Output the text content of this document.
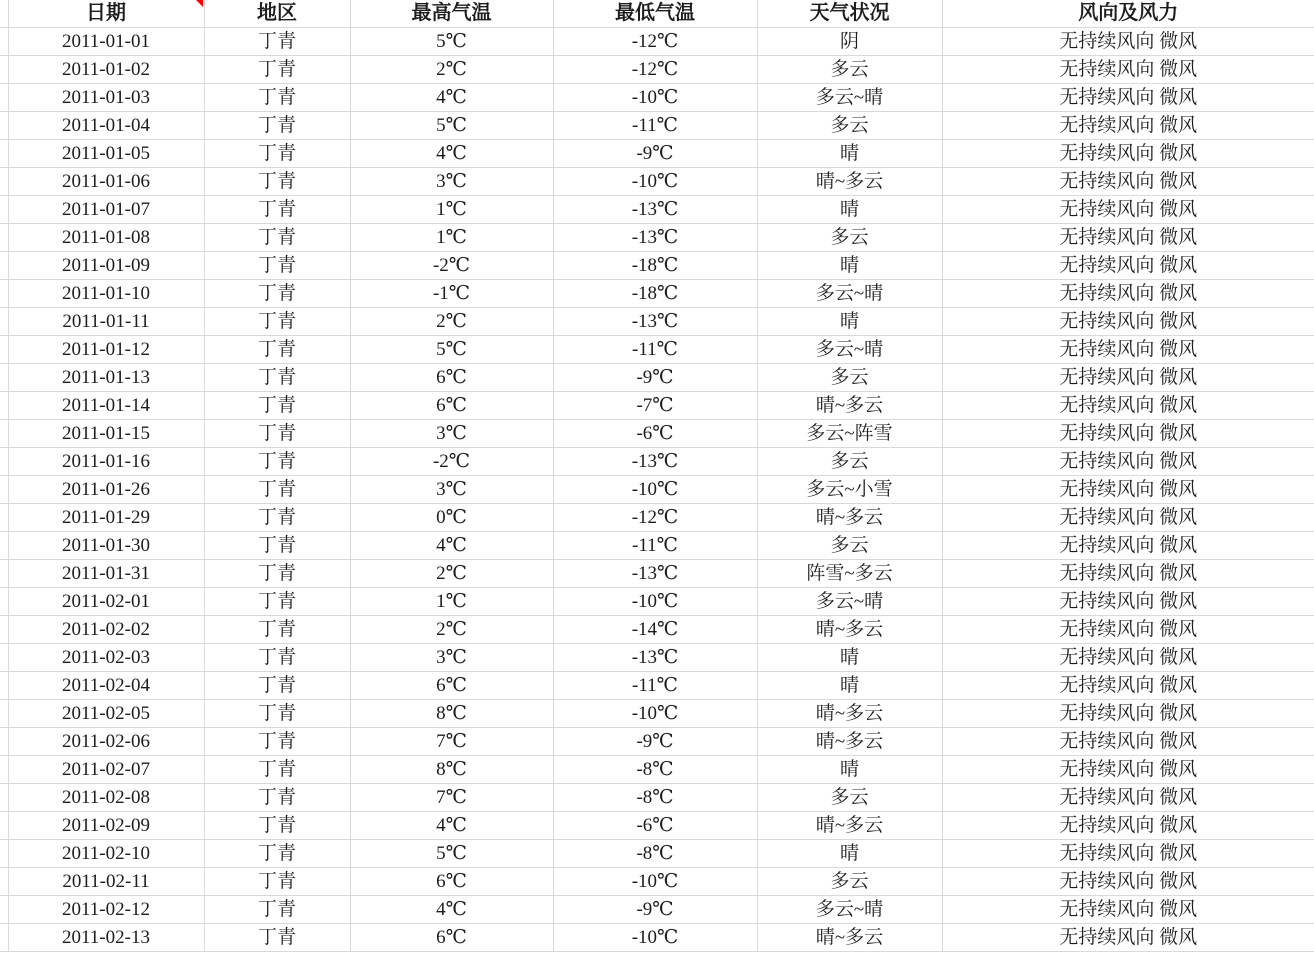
	日期	地区	最高气温	最低气温	天气状况	风向及风力
	2011-01-01	丁青	5℃	-12℃	阴	无持续风向 微风
	2011-01-02	丁青	2℃	-12℃	多云	无持续风向 微风
	2011-01-03	丁青	4℃	-10℃	多云~晴	无持续风向 微风
	2011-01-04	丁青	5℃	-11℃	多云	无持续风向 微风
	2011-01-05	丁青	4℃	-9℃	晴	无持续风向 微风
	2011-01-06	丁青	3℃	-10℃	晴~多云	无持续风向 微风
	2011-01-07	丁青	1℃	-13℃	晴	无持续风向 微风
	2011-01-08	丁青	1℃	-13℃	多云	无持续风向 微风
	2011-01-09	丁青	-2℃	-18℃	晴	无持续风向 微风
	2011-01-10	丁青	-1℃	-18℃	多云~晴	无持续风向 微风
	2011-01-11	丁青	2℃	-13℃	晴	无持续风向 微风
	2011-01-12	丁青	5℃	-11℃	多云~晴	无持续风向 微风
	2011-01-13	丁青	6℃	-9℃	多云	无持续风向 微风
	2011-01-14	丁青	6℃	-7℃	晴~多云	无持续风向 微风
	2011-01-15	丁青	3℃	-6℃	多云~阵雪	无持续风向 微风
	2011-01-16	丁青	-2℃	-13℃	多云	无持续风向 微风
	2011-01-26	丁青	3℃	-10℃	多云~小雪	无持续风向 微风
	2011-01-29	丁青	0℃	-12℃	晴~多云	无持续风向 微风
	2011-01-30	丁青	4℃	-11℃	多云	无持续风向 微风
	2011-01-31	丁青	2℃	-13℃	阵雪~多云	无持续风向 微风
	2011-02-01	丁青	1℃	-10℃	多云~晴	无持续风向 微风
	2011-02-02	丁青	2℃	-14℃	晴~多云	无持续风向 微风
	2011-02-03	丁青	3℃	-13℃	晴	无持续风向 微风
	2011-02-04	丁青	6℃	-11℃	晴	无持续风向 微风
	2011-02-05	丁青	8℃	-10℃	晴~多云	无持续风向 微风
	2011-02-06	丁青	7℃	-9℃	晴~多云	无持续风向 微风
	2011-02-07	丁青	8℃	-8℃	晴	无持续风向 微风
	2011-02-08	丁青	7℃	-8℃	多云	无持续风向 微风
	2011-02-09	丁青	4℃	-6℃	晴~多云	无持续风向 微风
	2011-02-10	丁青	5℃	-8℃	晴	无持续风向 微风
	2011-02-11	丁青	6℃	-10℃	多云	无持续风向 微风
	2011-02-12	丁青	4℃	-9℃	多云~晴	无持续风向 微风
	2011-02-13	丁青	6℃	-10℃	晴~多云	无持续风向 微风
